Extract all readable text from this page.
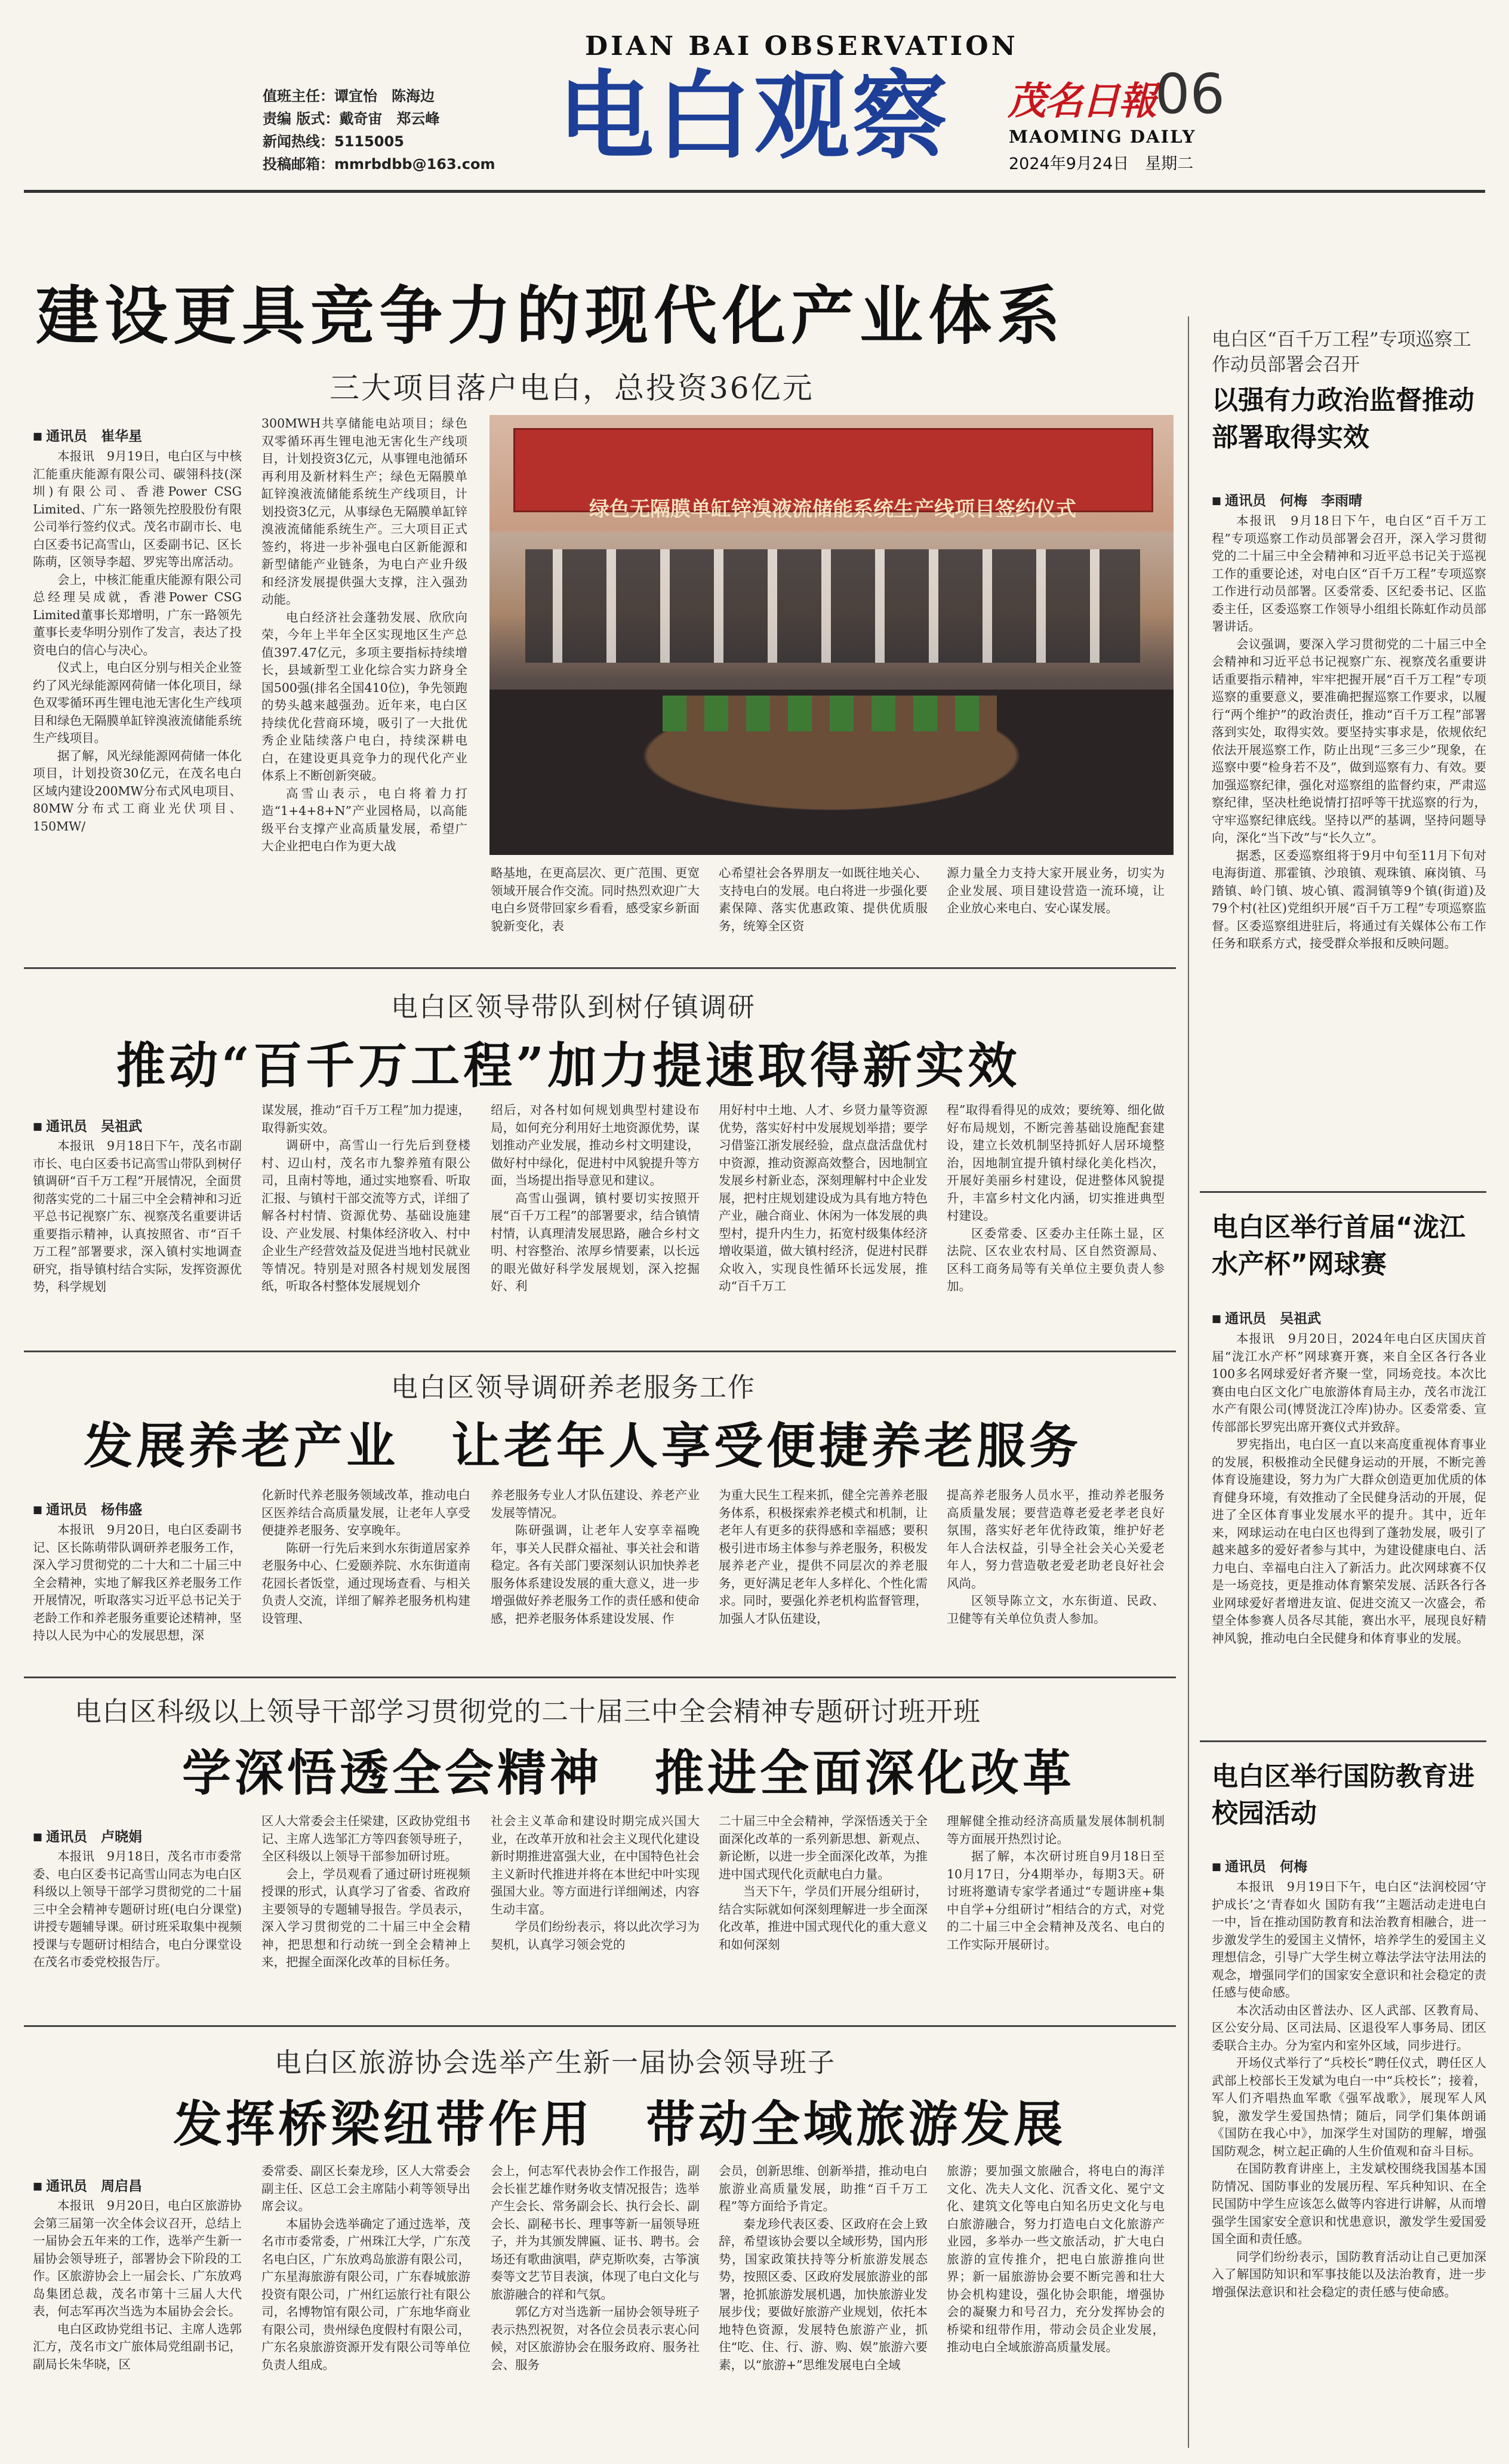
值班主任：谭宜怡　陈海边
责编 版式：戴奇宙　郑云峰
新闻热线：5115005
投稿邮箱：mmrbdbb@163.com
DIAN BAI OBSERVATION
电白观察 茂名日報 06
MAOMING DAILY
2024年9月24日　星期二
建设更具竞争力的现代化产业体系
三大项目落户电白，总投资36亿元
■ 通讯员　崔华星

本报讯　9月19日，电白区与中核汇能重庆能源有限公司、碳翎科技(深圳)有限公司、香港Power CSG Limited、广东一路领先控股股份有限公司举行签约仪式。茂名市副市长、电白区委书记高雪山，区委副书记、区长陈萌，区领导李超、罗宪等出席活动。

会上，中核汇能重庆能源有限公司总经理吴成就，香港Power CSG Limited董事长郑增明，广东一路领先董事长麦华明分别作了发言，表达了投资电白的信心与决心。

仪式上，电白区分别与相关企业签约了风光绿能源网荷储一体化项目，绿色双零循环再生锂电池无害化生产线项目和绿色无隔膜单缸锌溴液流储能系统生产线项目。

据了解，风光绿能源网荷储一体化项目，计划投资30亿元，在茂名电白区域内建设200MW分布式风电项目、80MW分布式工商业光伏项目、150MW/

300MWH共享储能电站项目；绿色双零循环再生锂电池无害化生产线项目，计划投资3亿元，从事锂电池循环再利用及新材料生产；绿色无隔膜单缸锌溴液流储能系统生产线项目，计划投资3亿元，从事绿色无隔膜单缸锌溴液流储能系统生产。三大项目正式签约，将进一步补强电白区新能源和新型储能产业链条，为电白产业升级和经济发展提供强大支撑，注入强劲动能。

电白经济社会蓬勃发展、欣欣向荣，今年上半年全区实现地区生产总值397.47亿元，多项主要指标持续增长，县域新型工业化综合实力跻身全国500强(排名全国410位)，争先领跑的势头越来越强劲。近年来，电白区持续优化营商环境，吸引了一大批优秀企业陆续落户电白，持续深耕电白，在建设更具竞争力的现代化产业体系上不断创新突破。

高雪山表示，电白将着力打造“1+4+8+N”产业园格局，以高能级平台支撑产业高质量发展，希望广大企业把电白作为更大战

绿色无隔膜单缸锌溴液流储能系统生产线项目签约仪式

略基地，在更高层次、更广范围、更宽领域开展合作交流。同时热烈欢迎广大电白乡贤带回家乡看看，感受家乡新面貌新变化，表

心希望社会各界朋友一如既往地关心、支持电白的发展。电白将进一步强化要素保障、落实优惠政策、提供优质服务，统筹全区资

源力量全力支持大家开展业务，切实为企业发展、项目建设营造一流环境，让企业放心来电白、安心谋发展。

电白区领导带队到树仔镇调研
推动“百千万工程”加力提速取得新实效
■ 通讯员　吴祖武

本报讯　9月18日下午，茂名市副市长、电白区委书记高雪山带队到树仔镇调研“百千万工程”开展情况，全面贯彻落实党的二十届三中全会精神和习近平总书记视察广东、视察茂名重要讲话重要指示精神，认真按照省、市“百千万工程”部署要求，深入镇村实地调查研究，指导镇村结合实际，发挥资源优势，科学规划

谋发展，推动“百千万工程”加力提速，取得新实效。

调研中，高雪山一行先后到登楼村、辺山村，茂名市九黎养殖有限公司，且南村等地，通过实地察看、听取汇报、与镇村干部交流等方式，详细了解各村村情、资源优势、基础设施建设、产业发展、村集体经济收入、村中企业生产经营效益及促进当地村民就业等情况。特别是对照各村规划发展图纸，听取各村整体发展规划介

绍后，对各村如何规划典型村建设布局，如何充分利用好土地资源优势，谋划推动产业发展，推动乡村文明建设，做好村中绿化，促进村中风貌提升等方面，当场提出指导意见和建议。

高雪山强调，镇村要切实按照开展“百千万工程”的部署要求，结合镇情村情，认真理清发展思路，融合乡村文明、村容整治、浓厚乡情要素，以长远的眼光做好科学发展规划，深入挖掘好、利

用好村中土地、人才、乡贤力量等资源优势，落实好村中发展规划举措；要学习借鉴江浙发展经验，盘点盘活盘优村中资源，推动资源高效整合，因地制宜发展乡村新业态，深刻理解村中企业发展，把村庄规划建设成为具有地方特色产业，融合商业、休闲为一体发展的典型村，提升内生力，拓宽村级集体经济增收渠道，做大镇村经济，促进村民群众收入，实现良性循环长远发展，推动“百千万工

程”取得看得见的成效；要统筹、细化做好布局规划，不断完善基础设施配套建设，建立长效机制坚持抓好人居环境整治，因地制宜提升镇村绿化美化档次，开展好美丽乡村建设，促进整体风貌提升，丰富乡村文化内涵，切实推进典型村建设。

区委常委、区委办主任陈土显，区法院、区农业农村局、区自然资源局、区科工商务局等有关单位主要负责人参加。

电白区领导调研养老服务工作
发展养老产业　让老年人享受便捷养老服务
■ 通讯员　杨伟盛

本报讯　9月20日，电白区委副书记、区长陈萌带队调研养老服务工作，深入学习贯彻党的二十大和二十届三中全会精神，实地了解我区养老服务工作开展情况，听取落实习近平总书记关于老龄工作和养老服务重要论述精神，坚持以人民为中心的发展思想，深

化新时代养老服务领域改革，推动电白区医养结合高质量发展，让老年人享受便捷养老服务、安享晚年。

陈研一行先后来到水东街道居家养老服务中心、仁爱颐养院、水东街道南花园长者饭堂，通过现场查看、与相关负责人交流，详细了解养老服务机构建设管理、

养老服务专业人才队伍建设、养老产业发展等情况。

陈研强调，让老年人安享幸福晚年，事关人民群众福祉、事关社会和谐稳定。各有关部门要深刻认识加快养老服务体系建设发展的重大意义，进一步增强做好养老服务工作的责任感和使命感，把养老服务体系建设发展、作

为重大民生工程来抓，健全完善养老服务体系，积极探索养老模式和机制，让老年人有更多的获得感和幸福感；要积极引进市场主体参与养老服务，积极发展养老产业，提供不同层次的养老服务，更好满足老年人多样化、个性化需求。同时，要强化养老机构监督管理，加强人才队伍建设，

提高养老服务人员水平，推动养老服务高质量发展；要营造尊老爱老孝老良好氛围，落实好老年优待政策，维护好老年人合法权益，引导全社会关心关爱老年人，努力营造敬老爱老助老良好社会风尚。

区领导陈立文，水东街道、民政、卫健等有关单位负责人参加。

电白区科级以上领导干部学习贯彻党的二十届三中全会精神专题研讨班开班
学深悟透全会精神　推进全面深化改革
■ 通讯员　卢晓娟

本报讯　9月18日，茂名市市委常委、电白区委书记高雪山同志为电白区科级以上领导干部学习贯彻党的二十届三中全会精神专题研讨班(电白分课堂)讲授专题辅导课。研讨班采取集中视频授课与专题研讨相结合，电白分课堂设在茂名市委党校报告厅。

区人大常委会主任梁建，区政协党组书记、主席人选邹汇方等四套领导班子，全区科级以上领导干部参加研讨班。

会上，学员观看了通过研讨班视频授课的形式，认真学习了省委、省政府主要领导的专题辅导报告。学员表示，深入学习贯彻党的二十届三中全会精神，把思想和行动统一到全会精神上来，把握全面深化改革的目标任务。

社会主义革命和建设时期完成兴国大业，在改革开放和社会主义现代化建设新时期推进富强大业，在中国特色社会主义新时代推进并将在本世纪中叶实现强国大业。等方面进行详细阐述，内容生动丰富。

学员们纷纷表示，将以此次学习为契机，认真学习领会党的

二十届三中全会精神，学深悟透关于全面深化改革的一系列新思想、新观点、新论断，以进一步全面深化改革，为推进中国式现代化贡献电白力量。

当天下午，学员们开展分组研讨，结合实际就如何深刻理解进一步全面深化改革，推进中国式现代化的重大意义和如何深刻

理解健全推动经济高质量发展体制机制等方面展开热烈讨论。

据了解，本次研讨班自9月18日至10月17日，分4期举办，每期3天。研讨班将邀请专家学者通过“专题讲座+集中自学+分组研讨”相结合的方式，对党的二十届三中全会精神及茂名、电白的工作实际开展研讨。

电白区旅游协会选举产生新一届协会领导班子
发挥桥梁纽带作用　带动全域旅游发展
■ 通讯员　周启昌

本报讯　9月20日，电白区旅游协会第三届第一次全体会议召开，总结上一届协会五年来的工作，选举产生新一届协会领导班子，部署协会下阶段的工作。区旅游协会上一届会长、广东放鸡岛集团总裁，茂名市第十三届人大代表，何志军再次当选为本届协会会长。

电白区政协党组书记、主席人选郭汇方，茂名市文广旅体局党组副书记，副局长朱华晓，区

委常委、副区长秦龙珍，区人大常委会副主任、区总工会主席陆小莉等领导出席会议。

本届协会选举确定了通过选举，茂名市市委常委，广州珠江大学，广东茂名电白区，广东放鸡岛旅游有限公司，广东星海旅游有限公司，广东春城旅游投资有限公司，广州红运旅行社有限公司，名博物馆有限公司，广东地华商业有限公司，贵州绿色度假村有限公司，广东名泉旅游资源开发有限公司等单位负责人组成。

会上，何志军代表协会作工作报告，副会长崔艺雄作财务收支情况报告；选举产生会长、常务副会长、执行会长、副会长、副秘书长、理事等新一届领导班子，并为其颁发牌匾、证书、聘书。会场还有歌曲演唱，萨克斯吹奏，古筝演奏等文艺节目表演，体现了电白文化与旅游融合的祥和气氛。

郭亿方对当选新一届协会领导班子表示热烈祝贺，对各位会员表示衷心问候，对区旅游协会在服务政府、服务社会、服务

会员，创新思维、创新举措，推动电白旅游业高质量发展，助推“百千万工程”等方面给予肯定。

秦龙珍代表区委、区政府在会上致辞，希望该协会要以全域形势，国内形势，国家政策扶持等分析旅游发展态势，按照区委、区政府发展旅游业的部署，抢抓旅游发展机遇，加快旅游业发展步伐；要做好旅游产业规划，依托本地特色资源，发展特色旅游产业，抓住“吃、住、行、游、购、娱”旅游六要素，以“旅游+”思维发展电白全域

旅游；要加强文旅融合，将电白的海洋文化、冼夫人文化、沉香文化、冕宁文化、建筑文化等电白知名历史文化与电白旅游融合，努力打造电白文化旅游产业园，多举办一些文旅活动，扩大电白旅游的宣传推介，把电白旅游推向世界；新一届旅游协会要不断完善和壮大协会机构建设，强化协会职能，增强协会的凝聚力和号召力，充分发挥协会的桥梁和纽带作用，带动会员企业发展，推动电白全域旅游高质量发展。

电白区“百千万工程”专项巡察工作动员部署会召开
以强有力政治监督推动部署取得实效
■ 通讯员　何梅　李雨晴

本报讯　9月18日下午，电白区“百千万工程”专项巡察工作动员部署会召开，深入学习贯彻党的二十届三中全会精神和习近平总书记关于巡视工作的重要论述，对电白区“百千万工程”专项巡察工作进行动员部署。区委常委、区纪委书记、区监委主任，区委巡察工作领导小组组长陈虹作动员部署讲话。

会议强调，要深入学习贯彻党的二十届三中全会精神和习近平总书记视察广东、视察茂名重要讲话重要指示精神，牢牢把握开展“百千万工程”专项巡察的重要意义，要准确把握巡察工作要求，以履行“两个维护”的政治责任，推动“百千万工程”部署落到实处，取得实效。要坚持实事求是，依规依纪依法开展巡察工作，防止出现“三多三少”现象，在巡察中要“检身若不及”，做到巡察有力、有效。要加强巡察纪律，强化对巡察组的监督约束，严肃巡察纪律，坚决杜绝说情打招呼等干扰巡察的行为，守牢巡察纪律底线。坚持以严的基调，坚持问题导向，深化“当下改”与“长久立”。

据悉，区委巡察组将于9月中旬至11月下旬对电海街道、那霍镇、沙琅镇、观珠镇、麻岗镇、马踏镇、岭门镇、坡心镇、霞洞镇等9个镇(街道)及79个村(社区)党组织开展“百千万工程”专项巡察监督。区委巡察组进驻后，将通过有关媒体公布工作任务和联系方式，接受群众举报和反映问题。

电白区举行首届“泷江水产杯”网球赛
■ 通讯员　吴祖武

本报讯　9月20日，2024年电白区庆国庆首届“泷江水产杯”网球赛开赛，来自全区各行各业100多名网球爱好者齐聚一堂，同场竞技。本次比赛由电白区文化广电旅游体育局主办，茂名市泷江水产有限公司(博贤泷江冷库)协办。区委常委、宣传部部长罗宪出席开赛仪式并致辞。

罗宪指出，电白区一直以来高度重视体育事业的发展，积极推动全民健身运动的开展，不断完善体育设施建设，努力为广大群众创造更加优质的体育健身环境，有效推动了全民健身活动的开展，促进了全区体育事业发展水平的提升。其中，近年来，网球运动在电白区也得到了蓬勃发展，吸引了越来越多的爱好者参与其中，为建设健康电白、活力电白、幸福电白注入了新活力。此次网球赛不仅是一场竞技，更是推动体育繁荣发展、活跃各行各业网球爱好者增进友谊、促进交流又一次盛会，希望全体参赛人员各尽其能，赛出水平，展现良好精神风貌，推动电白全民健身和体育事业的发展。

电白区举行国防教育进校园活动
■ 通讯员　何梅

本报讯　9月19日下午，电白区“法润校园‘守护成长’之‘青春如火 国防有我’”主题活动走进电白一中，旨在推动国防教育和法治教育相融合，进一步激发学生的爱国主义情怀，培养学生的爱国主义理想信念，引导广大学生树立尊法学法守法用法的观念，增强同学们的国家安全意识和社会稳定的责任感与使命感。

本次活动由区普法办、区人武部、区教育局、区公安分局、区司法局、区退役军人事务局、团区委联合主办。分为室内和室外区域，同步进行。

开场仪式举行了“兵校长”聘任仪式，聘任区人武部上校部长王发斌为电白一中“兵校长”；接着，军人们齐唱热血军歌《强军战歌》，展现军人风貌，激发学生爱国热情；随后，同学们集体朗诵《国防在我心中》，加深学生对国防的理解，增强国防观念，树立起正确的人生价值观和奋斗目标。

在国防教育讲座上，主发斌校围绕我国基本国防情况、国防事业的发展历程、军兵种知识、在全民国防中学生应该怎么做等内容进行讲解，从而增强学生国家安全意识和忧患意识，激发学生爱国爱国全面和责任感。

同学们纷纷表示，国防教育活动让自己更加深入了解国防知识和军事技能以及法治教育，进一步增强保法意识和社会稳定的责任感与使命感。
